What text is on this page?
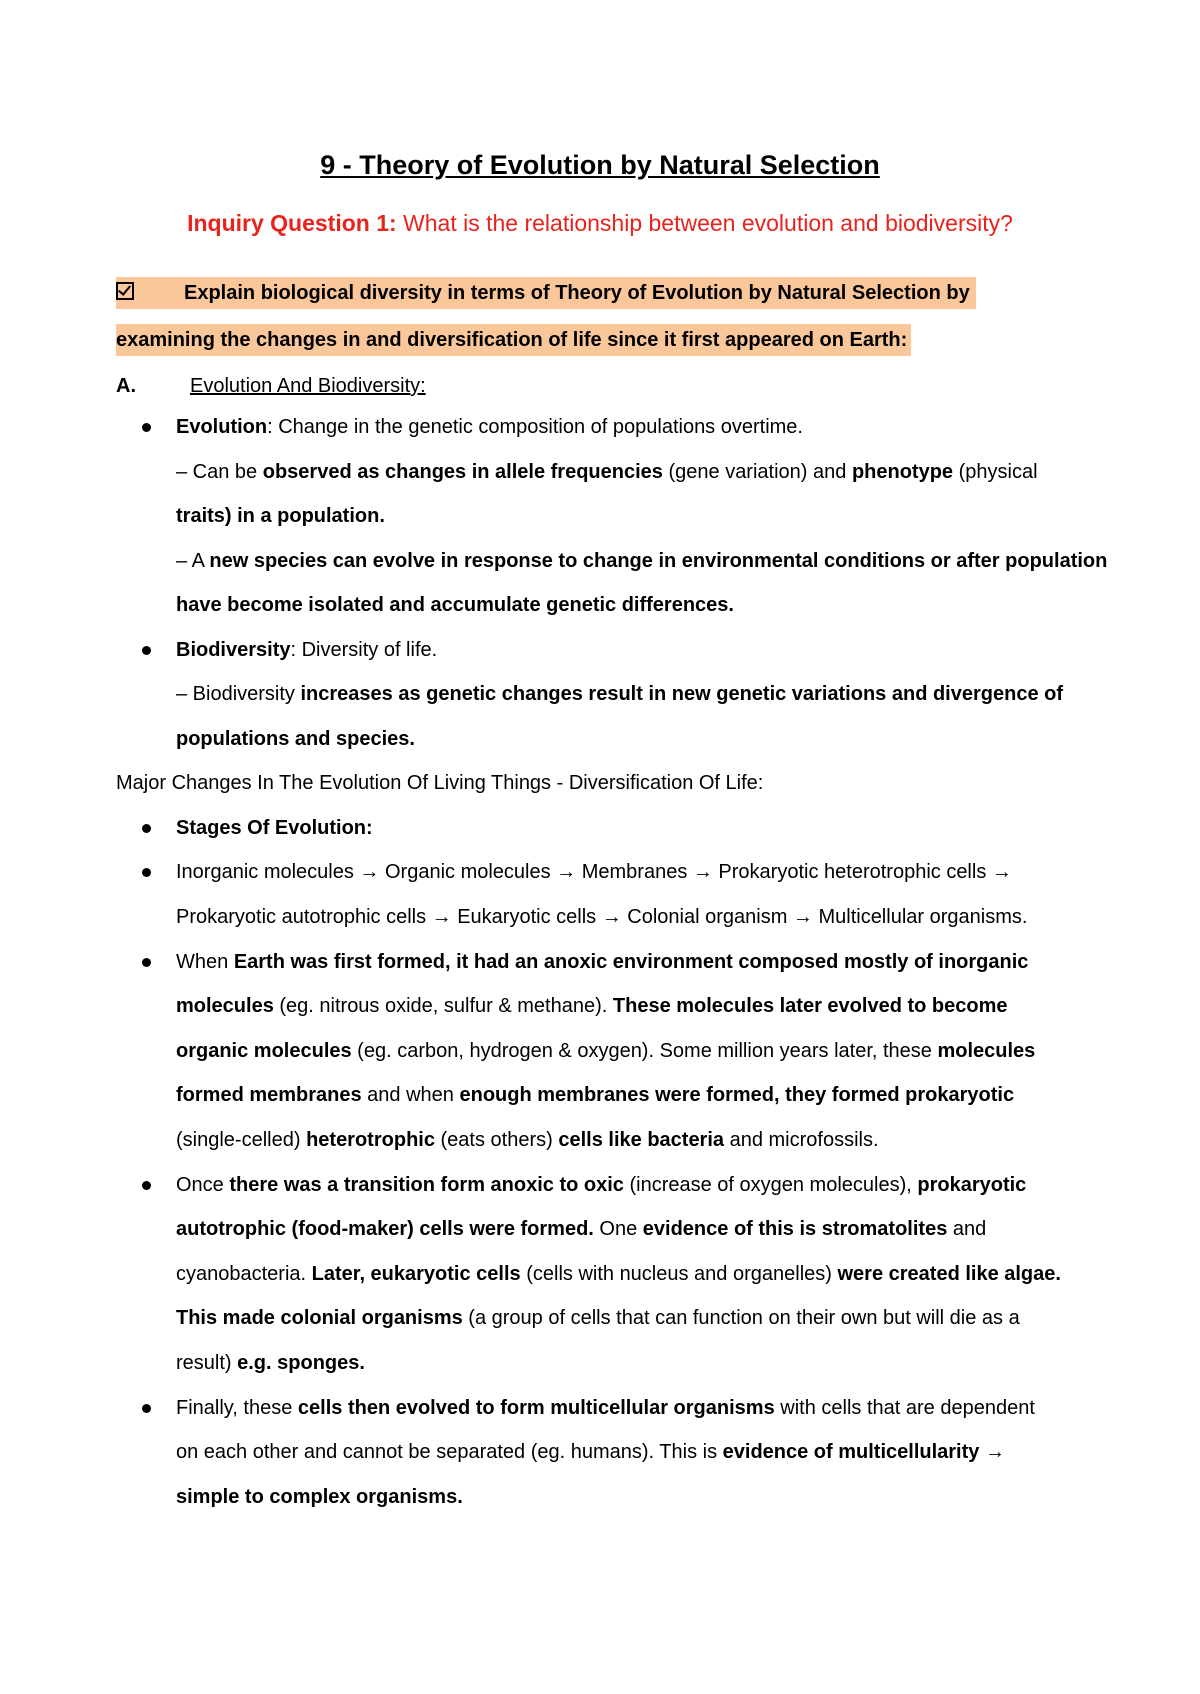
9 - Theory of Evolution by Natural Selection
Inquiry Question 1: What is the relationship between evolution and biodiversity?
Explain biological diversity in terms of Theory of Evolution by Natural Selection by
examining the changes in and diversification of life since it first appeared on Earth:
A.	Evolution And Biodiversity:
Evolution: Change in the genetic composition of populations overtime.
– Can be observed as changes in allele frequencies (gene variation) and phenotype (physical
traits) in a population.
– A new species can evolve in response to change in environmental conditions or after population
have become isolated and accumulate genetic differences.
Biodiversity: Diversity of life.
– Biodiversity increases as genetic changes result in new genetic variations and divergence of
populations and species.
Major Changes In The Evolution Of Living Things - Diversification Of Life:
Stages Of Evolution:
Inorganic molecules → Organic molecules → Membranes → Prokaryotic heterotrophic cells →
Prokaryotic autotrophic cells → Eukaryotic cells → Colonial organism → Multicellular organisms.
When Earth was first formed, it had an anoxic environment composed mostly of inorganic
molecules (eg. nitrous oxide, sulfur & methane). These molecules later evolved to become
organic molecules (eg. carbon, hydrogen & oxygen). Some million years later, these molecules
formed membranes and when enough membranes were formed, they formed prokaryotic
(single-celled) heterotrophic (eats others) cells like bacteria and microfossils.
Once there was a transition form anoxic to oxic (increase of oxygen molecules), prokaryotic
autotrophic (food-maker) cells were formed. One evidence of this is stromatolites and
cyanobacteria. Later, eukaryotic cells (cells with nucleus and organelles) were created like algae.
This made colonial organisms (a group of cells that can function on their own but will die as a
result) e.g. sponges.
Finally, these cells then evolved to form multicellular organisms with cells that are dependent
on each other and cannot be separated (eg. humans). This is evidence of multicellularity →
simple to complex organisms.
